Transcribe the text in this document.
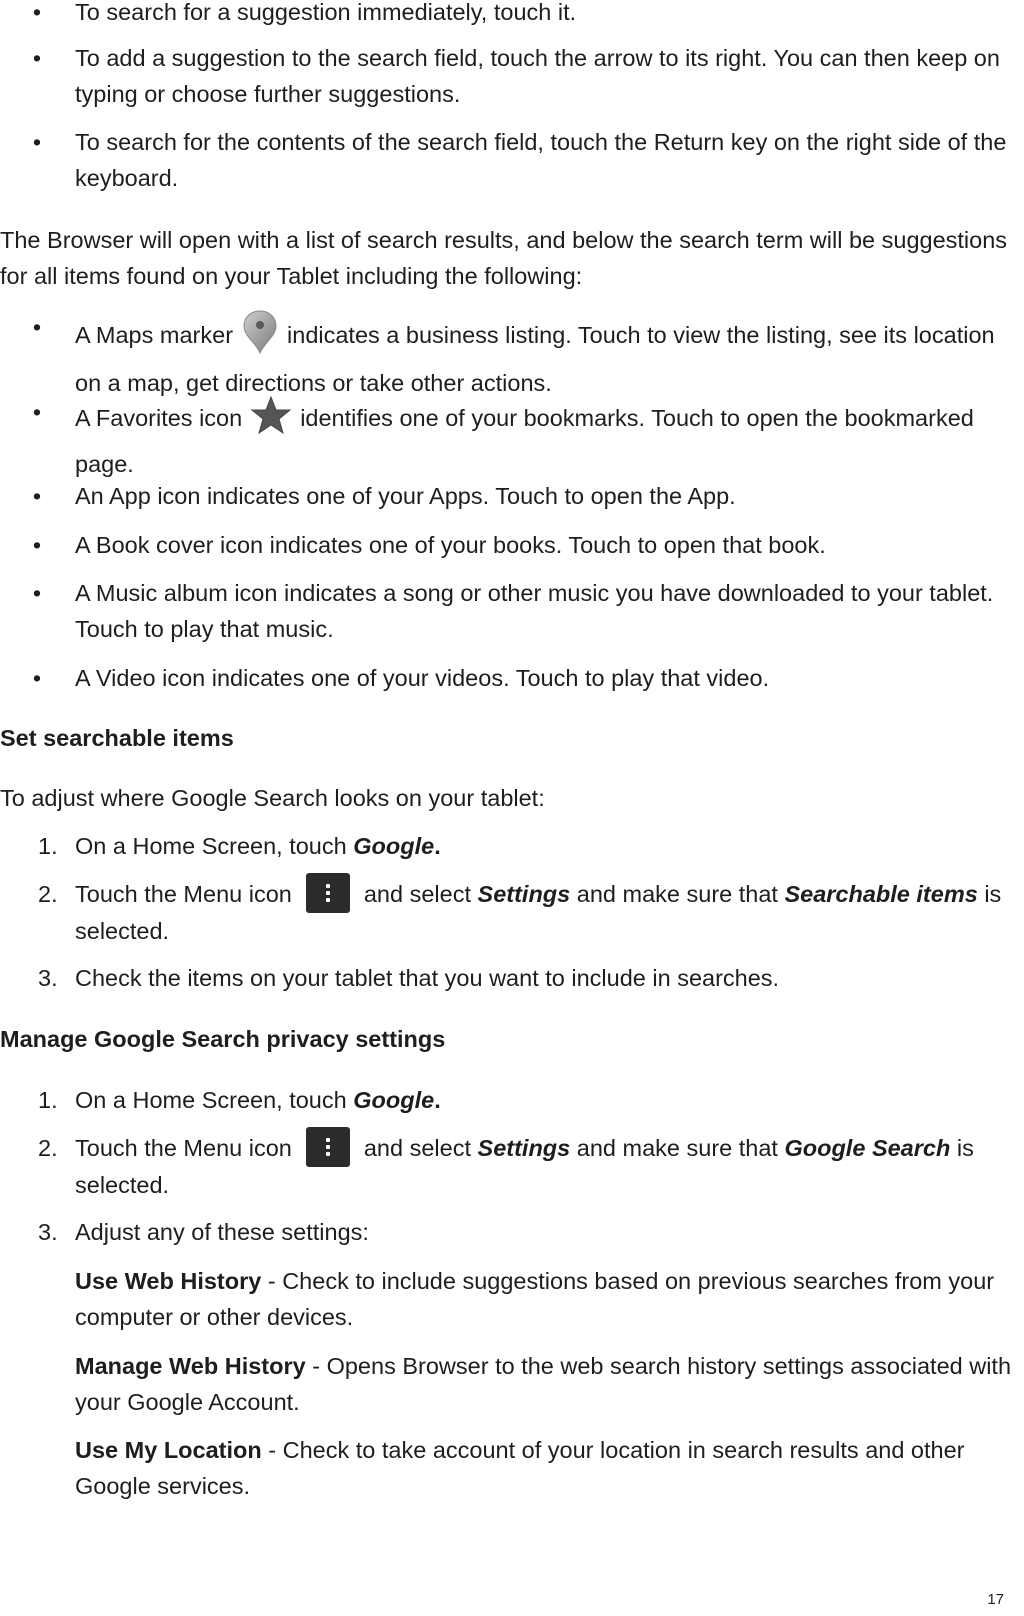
• To search for a suggestion immediately, touch it.

• To add a suggestion to the search field, touch the arrow to its right. You can then keep on typing or choose further suggestions.

• To search for the contents of the search field, touch the Return key on the right side of the keyboard.

The Browser will open with a list of search results, and below the search term will be suggestions for all items found on your Tablet including the following:

• A Maps marker indicates a business listing. Touch to view the listing, see its location on a map, get directions or take other actions.

• A Favorites icon identifies one of your bookmarks. Touch to open the bookmarked page.

• An App icon indicates one of your Apps. Touch to open the App.

• A Book cover icon indicates one of your books. Touch to open that book.

• A Music album icon indicates a song or other music you have downloaded to your tablet. Touch to play that music.

• A Video icon indicates one of your videos. Touch to play that video.

Set searchable items

To adjust where Google Search looks on your tablet:

1. On a Home Screen, touch Google.

2. Touch the Menu icon	and select Settings and make sure that Searchable items is selected.

3. Check the items on your tablet that you want to include in searches.

Manage Google Search privacy settings
1. On a Home Screen, touch Google.

2. Touch the Menu icon	and select Settings and make sure that Google Search is selected.

3. Adjust any of these settings:

Use Web History - Check to include suggestions based on previous searches from your computer or other devices.

Manage Web History - Opens Browser to the web search history settings associated with your Google Account.

Use My Location - Check to take account of your location in search results and other Google services.

17
